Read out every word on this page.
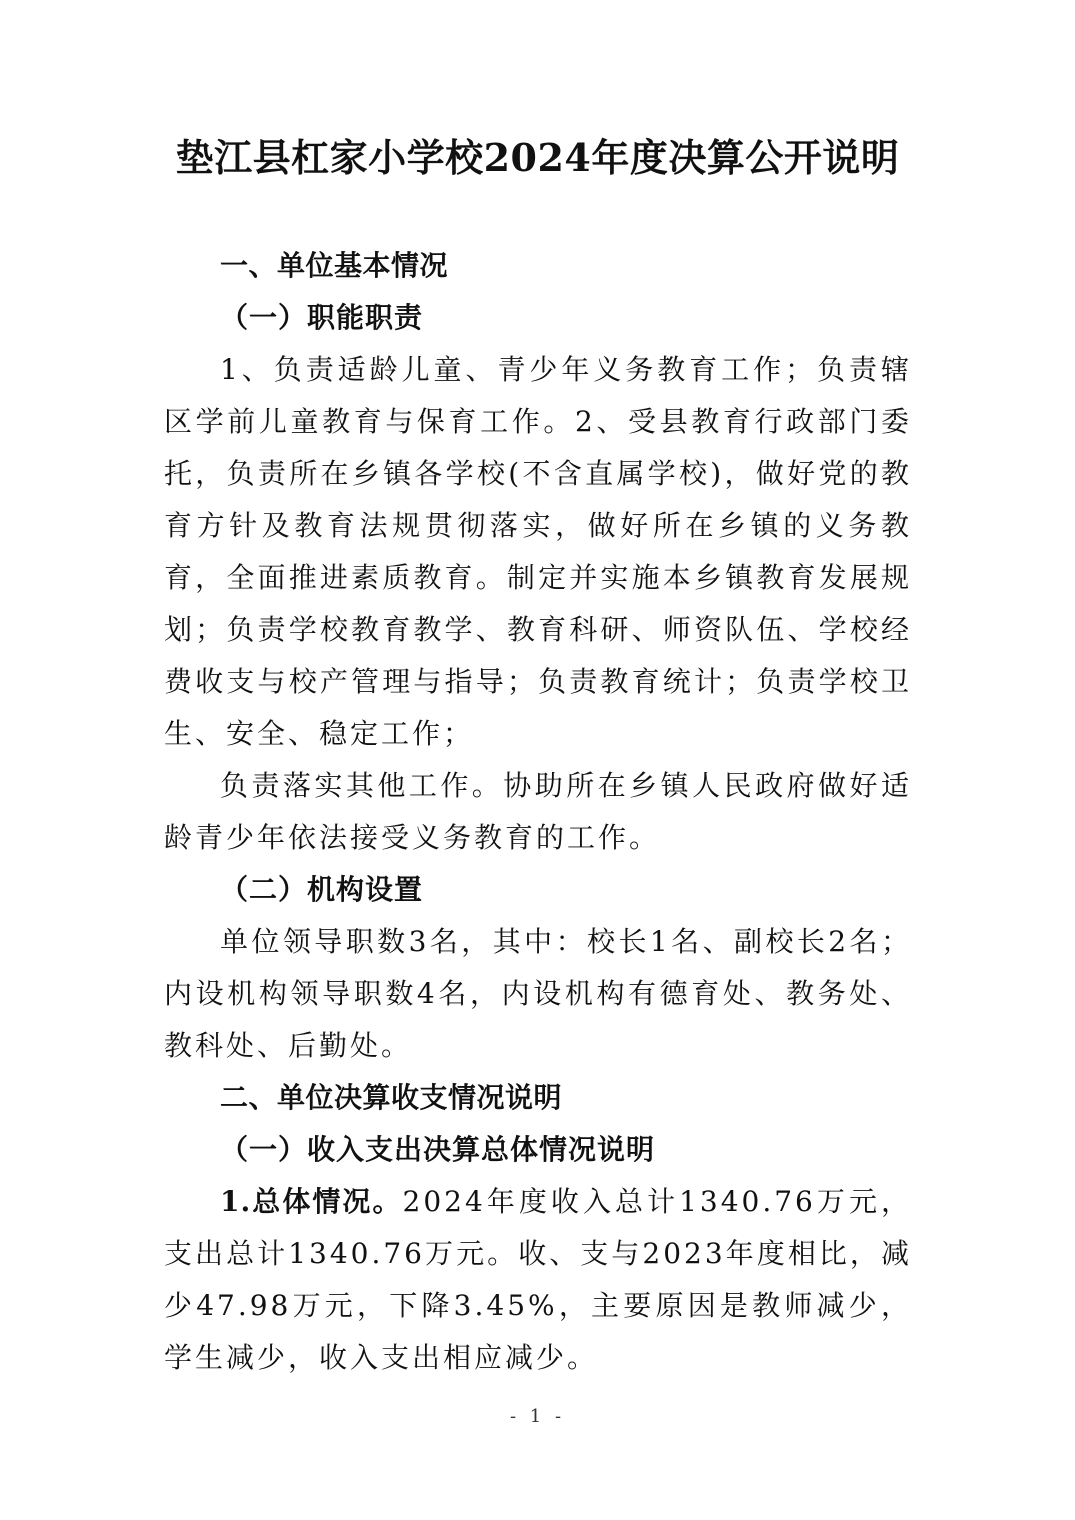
垫江县杠家小学校2024年度决算公开说明

一、单位基本情况

（一）职能职责

1、负责适龄儿童、青少年义务教育工作；负责辖区学前儿童教育与保育工作。2、受县教育行政部门委托，负责所在乡镇各学校(不含直属学校)，做好党的教育方针及教育法规贯彻落实，做好所在乡镇的义务教育，全面推进素质教育。制定并实施本乡镇教育发展规划；负责学校教育教学、教育科研、师资队伍、学校经费收支与校产管理与指导；负责教育统计；负责学校卫生、安全、稳定工作；

负责落实其他工作。协助所在乡镇人民政府做好适龄青少年依法接受义务教育的工作。

（二）机构设置

单位领导职数3名，其中：校长1名、副校长2名；内设机构领导职数4名，内设机构有德育处、教务处、教科处、后勤处。

二、单位决算收支情况说明

（一）收入支出决算总体情况说明

1.总体情况。2024年度收入总计1340.76万元，支出总计1340.76万元。收、支与2023年度相比，减少47.98万元，下降3.45%，主要原因是教师减少，学生减少，收入支出相应减少。

- 1 -
